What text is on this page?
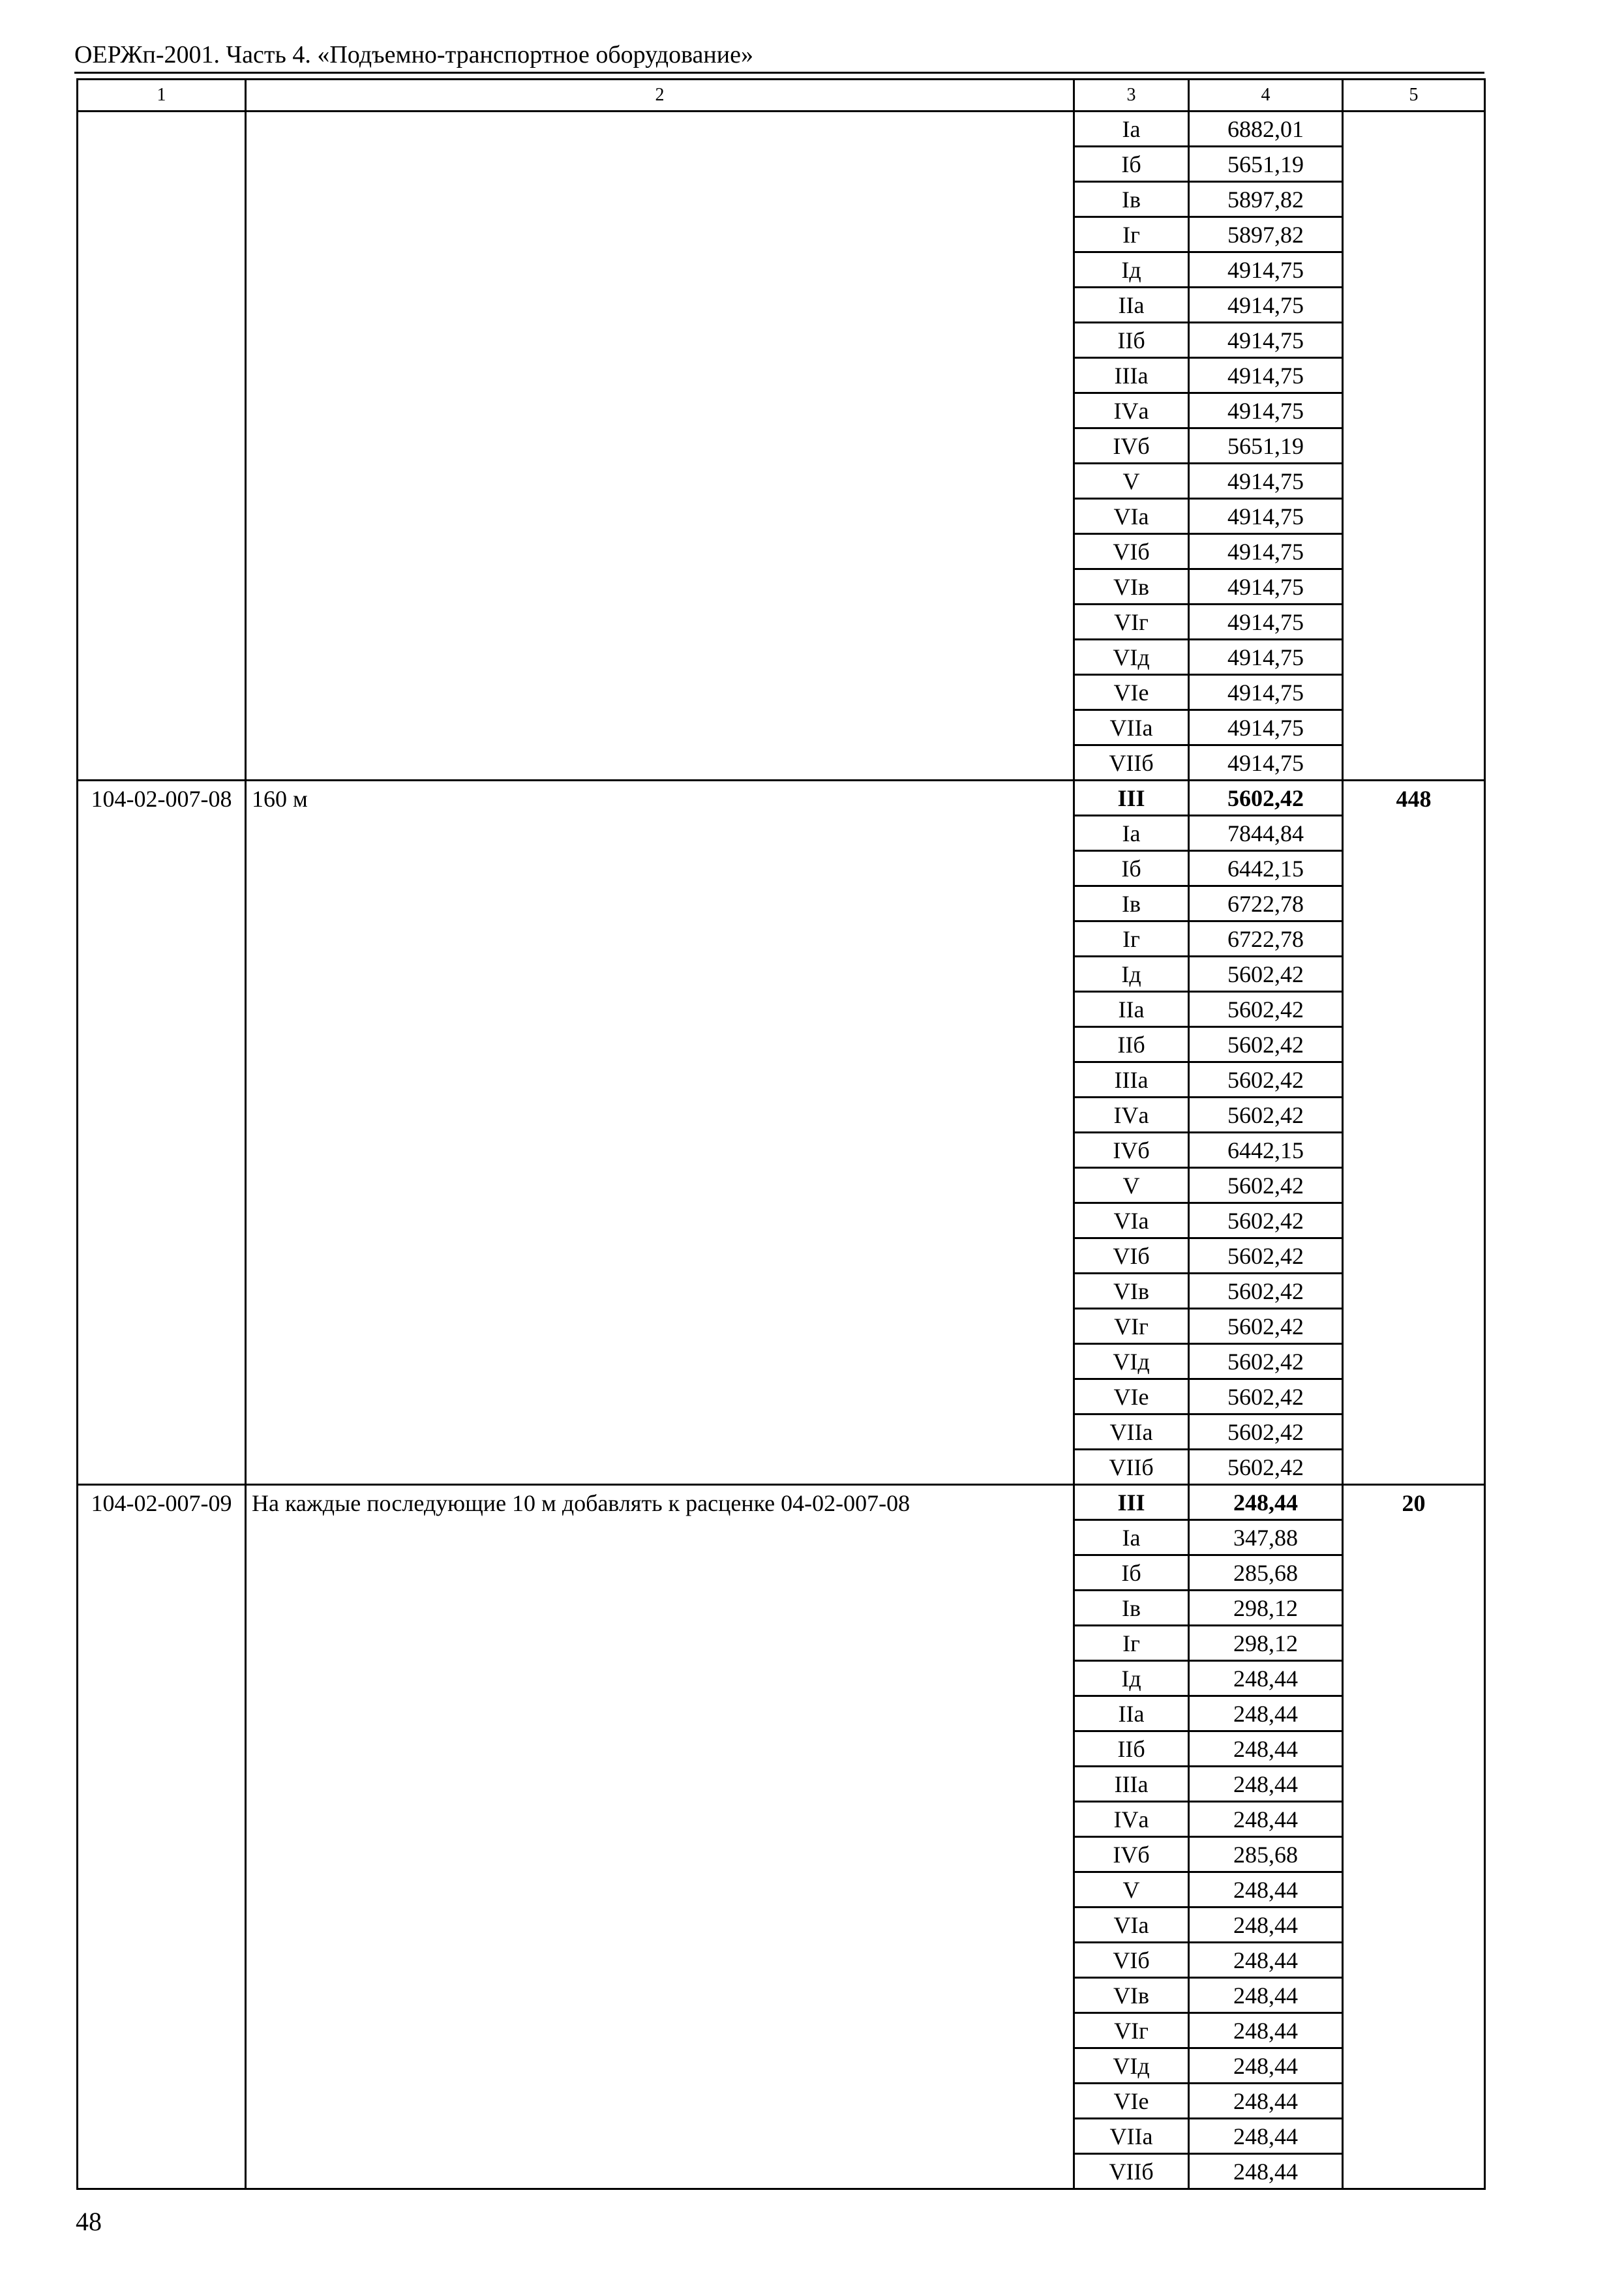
ОЕРЖп-2001. Часть 4. «Подъемно-транспортное оборудование»
1	2	3	4	5
		Iа	6882,01	
		Iб	5651,19	
		Iв	5897,82	
		Iг	5897,82	
		Iд	4914,75	
		IIа	4914,75	
		IIб	4914,75	
		IIIа	4914,75	
		IVа	4914,75	
		IVб	5651,19	
		V	4914,75	
		VIа	4914,75	
		VIб	4914,75	
		VIв	4914,75	
		VIг	4914,75	
		VIд	4914,75	
		VIе	4914,75	
		VIIа	4914,75	
		VIIб	4914,75	
104-02-007-08	160 м	III	5602,42	448
		Iа	7844,84	
		Iб	6442,15	
		Iв	6722,78	
		Iг	6722,78	
		Iд	5602,42	
		IIа	5602,42	
		IIб	5602,42	
		IIIа	5602,42	
		IVа	5602,42	
		IVб	6442,15	
		V	5602,42	
		VIа	5602,42	
		VIб	5602,42	
		VIв	5602,42	
		VIг	5602,42	
		VIд	5602,42	
		VIе	5602,42	
		VIIа	5602,42	
		VIIб	5602,42	
104-02-007-09	На каждые последующие 10 м добавлять к расценке 04-02-007-08	III	248,44	20
		Iа	347,88	
		Iб	285,68	
		Iв	298,12	
		Iг	298,12	
		Iд	248,44	
		IIа	248,44	
		IIб	248,44	
		IIIа	248,44	
		IVа	248,44	
		IVб	285,68	
		V	248,44	
		VIа	248,44	
		VIб	248,44	
		VIв	248,44	
		VIг	248,44	
		VIд	248,44	
		VIе	248,44	
		VIIа	248,44	
		VIIб	248,44	
48
